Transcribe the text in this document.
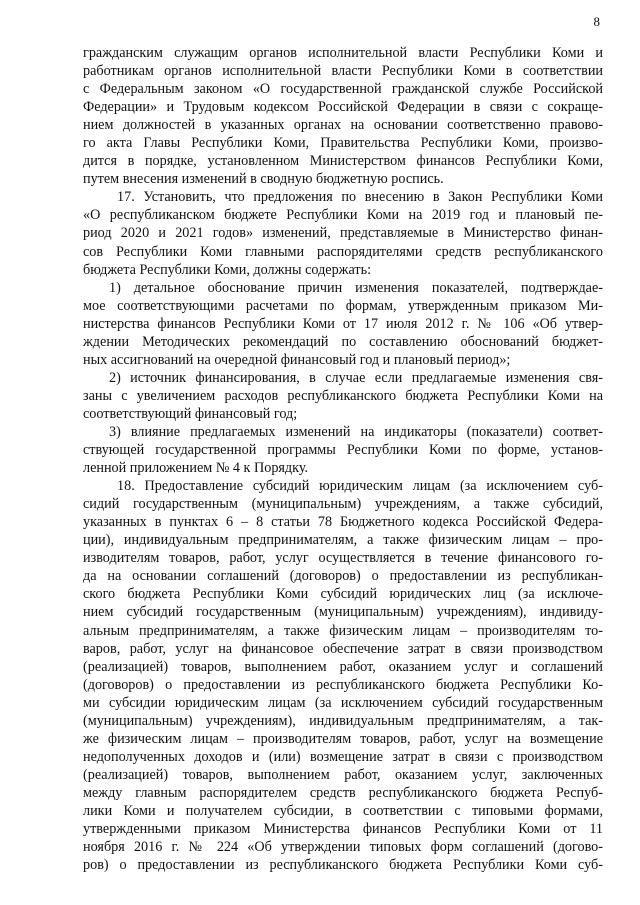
8
гражданским служащим органов исполнительной власти Республики Коми и
работникам органов исполнительной власти Республики Коми в соответствии
с Федеральным законом «О государственной гражданской службе Российской
Федерации» и Трудовым кодексом Российской Федерации в связи с сокраще-
нием должностей в указанных органах на основании соответственно правово-
го акта Главы Республики Коми, Правительства Республики Коми, произво-
дится в порядке, установленном Министерством финансов Республики Коми,
путем внесения изменений в сводную бюджетную роспись.
17. Установить, что предложения по внесению в Закон Республики Коми
«О республиканском бюджете Республики Коми на 2019 год и плановый пе-
риод 2020 и 2021 годов» изменений, представляемые в Министерство финан-
сов Республики Коми главными распорядителями средств республиканского
бюджета Республики Коми, должны содержать:
1) детальное обоснование причин изменения показателей, подтверждае-
мое соответствующими расчетами по формам, утвержденным приказом Ми-
нистерства финансов Республики Коми от 17 июля 2012 г. № 106 «Об утвер-
ждении Методических рекомендаций по составлению обоснований бюджет-
ных ассигнований на очередной финансовый год и плановый период»;
2) источник финансирования, в случае если предлагаемые изменения свя-
заны с увеличением расходов республиканского бюджета Республики Коми на
соответствующий финансовый год;
3) влияние предлагаемых изменений на индикаторы (показатели) соответ-
ствующей государственной программы Республики Коми по форме, установ-
ленной приложением № 4 к Порядку.
18. Предоставление субсидий юридическим лицам (за исключением суб-
сидий государственным (муниципальным) учреждениям, а также субсидий,
указанных в пунктах 6 – 8 статьи 78 Бюджетного кодекса Российской Федера-
ции), индивидуальным предпринимателям, а также физическим лицам – про-
изводителям товаров, работ, услуг осуществляется в течение финансового го-
да на основании соглашений (договоров) о предоставлении из республикан-
ского бюджета Республики Коми субсидий юридических лиц (за исключе-
нием субсидий государственным (муниципальным) учреждениям), индивиду-
альным предпринимателям, а также физическим лицам – производителям то-
варов, работ, услуг на финансовое обеспечение затрат в связи производством
(реализацией) товаров, выполнением работ, оказанием услуг и соглашений
(договоров) о предоставлении из республиканского бюджета Республики Ко-
ми субсидии юридическим лицам (за исключением субсидий государственным
(муниципальным) учреждениям), индивидуальным предпринимателям, а так-
же физическим лицам – производителям товаров, работ, услуг на возмещение
недополученных доходов и (или) возмещение затрат в связи с производством
(реализацией) товаров, выполнением работ, оказанием услуг, заключенных
между главным распорядителем средств республиканского бюджета Респуб-
лики Коми и получателем субсидии, в соответствии с типовыми формами,
утвержденными приказом Министерства финансов Республики Коми от 11
ноября 2016 г. № 224 «Об утверждении типовых форм соглашений (догово-
ров) о предоставлении из республиканского бюджета Республики Коми суб-
